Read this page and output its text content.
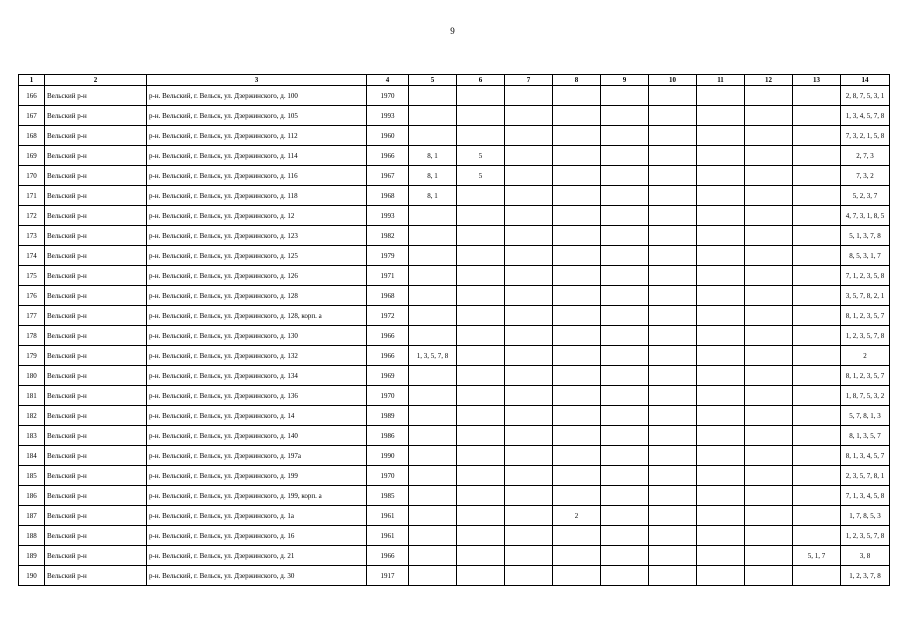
9
1	2	3	4	5	6	7	8	9	10	11	12	13	14
166	Вельский р-н	р-н. Вельский, г. Вельск, ул. Дзержинского, д. 100	1970										2, 8, 7, 5, 3, 1
167	Вельский р-н	р-н. Вельский, г. Вельск, ул. Дзержинского, д. 105	1993										1, 3, 4, 5, 7, 8
168	Вельский р-н	р-н. Вельский, г. Вельск, ул. Дзержинского, д. 112	1960										7, 3, 2, 1, 5, 8
169	Вельский р-н	р-н. Вельский, г. Вельск, ул. Дзержинского, д. 114	1966	8, 1	5								2, 7, 3
170	Вельский р-н	р-н. Вельский, г. Вельск, ул. Дзержинского, д. 116	1967	8, 1	5								7, 3, 2
171	Вельский р-н	р-н. Вельский, г. Вельск, ул. Дзержинского, д. 118	1968	8, 1									5, 2, 3, 7
172	Вельский р-н	р-н. Вельский, г. Вельск, ул. Дзержинского, д. 12	1993										4, 7, 3, 1, 8, 5
173	Вельский р-н	р-н. Вельский, г. Вельск, ул. Дзержинского, д. 123	1982										5, 1, 3, 7, 8
174	Вельский р-н	р-н. Вельский, г. Вельск, ул. Дзержинского, д. 125	1979										8, 5, 3, 1, 7
175	Вельский р-н	р-н. Вельский, г. Вельск, ул. Дзержинского, д. 126	1971										7, 1, 2, 3, 5, 8
176	Вельский р-н	р-н. Вельский, г. Вельск, ул. Дзержинского, д. 128	1968										3, 5, 7, 8, 2, 1
177	Вельский р-н	р-н. Вельский, г. Вельск, ул. Дзержинского, д. 128, корп. а	1972										8, 1, 2, 3, 5, 7
178	Вельский р-н	р-н. Вельский, г. Вельск, ул. Дзержинского, д. 130	1966										1, 2, 3, 5, 7, 8
179	Вельский р-н	р-н. Вельский, г. Вельск, ул. Дзержинского, д. 132	1966	1, 3, 5, 7, 8									2
180	Вельский р-н	р-н. Вельский, г. Вельск, ул. Дзержинского, д. 134	1969										8, 1, 2, 3, 5, 7
181	Вельский р-н	р-н. Вельский, г. Вельск, ул. Дзержинского, д. 136	1970										1, 8, 7, 5, 3, 2
182	Вельский р-н	р-н. Вельский, г. Вельск, ул. Дзержинского, д. 14	1989										5, 7, 8, 1, 3
183	Вельский р-н	р-н. Вельский, г. Вельск, ул. Дзержинского, д. 140	1986										8, 1, 3, 5, 7
184	Вельский р-н	р-н. Вельский, г. Вельск, ул. Дзержинского, д. 197а	1990										8, 1, 3, 4, 5, 7
185	Вельский р-н	р-н. Вельский, г. Вельск, ул. Дзержинского, д. 199	1970										2, 3, 5, 7, 8, 1
186	Вельский р-н	р-н. Вельский, г. Вельск, ул. Дзержинского, д. 199, корп. а	1985										7, 1, 3, 4, 5, 8
187	Вельский р-н	р-н. Вельский, г. Вельск, ул. Дзержинского, д. 1а	1961				2						1, 7, 8, 5, 3
188	Вельский р-н	р-н. Вельский, г. Вельск, ул. Дзержинского, д. 16	1961										1, 2, 3, 5, 7, 8
189	Вельский р-н	р-н. Вельский, г. Вельск, ул. Дзержинского, д. 21	1966									5, 1, 7	3, 8
190	Вельский р-н	р-н. Вельский, г. Вельск, ул. Дзержинского, д. 30	1917										1, 2, 3, 7, 8
